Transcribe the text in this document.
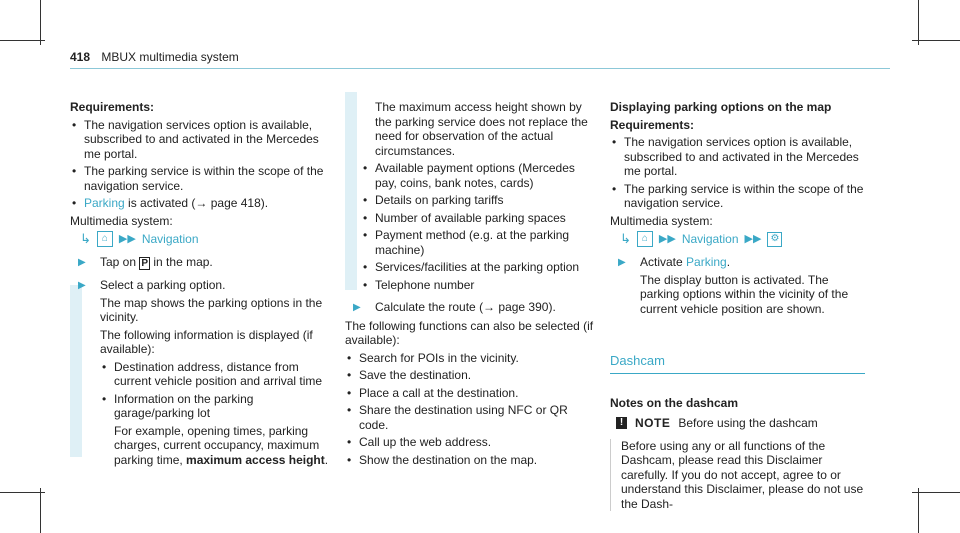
418 MBUX multimedia system
Requirements:
• The navigation services option is available, subscribed to and activated in the Mercedes me portal.
• The parking service is within the scope of the navigation service.
• Parking is activated (→ page 418).
Multimedia system:
↳	⌂ ▶▶ Navigation
▶ Tap on P in the map.
▶ Select a parking option.
The map shows the parking options in the vicinity.
The following information is displayed (if available):
• Destination address, distance from current vehicle position and arrival time
• Information on the parking garage/parking lot
For example, opening times, parking charges, current occupancy, maximum parking time, maximum access height.
The maximum access height shown by the parking service does not replace the need for observation of the actual circumstances.
• Available payment options (Mercedes pay, coins, bank notes, cards)
• Details on parking tariffs
• Number of available parking spaces
• Payment method (e.g. at the parking machine)
• Services/facilities at the parking option
• Telephone number
▶ Calculate the route (→ page 390).
The following functions can also be selected (if available):
• Search for POIs in the vicinity.
• Save the destination.
• Place a call at the destination.
• Share the destination using NFC or QR code.
• Call up the web address.
• Show the destination on the map.
Displaying parking options on the map
Requirements:
• The navigation services option is available, subscribed to and activated in the Mercedes me portal.
• The parking service is within the scope of the navigation service.
Multimedia system:
↳	⌂ ▶▶ Navigation ▶▶ ⚙
▶ Activate Parking.
The display button is activated. The parking options within the vicinity of the current vehicle position are shown.
Dashcam
Notes on the dashcam
! NOTE Before using the dashcam
Before using any or all functions of the Dashcam, please read this Disclaimer carefully. If you do not accept, agree to or understand this Disclaimer, please do not use the Dash-
